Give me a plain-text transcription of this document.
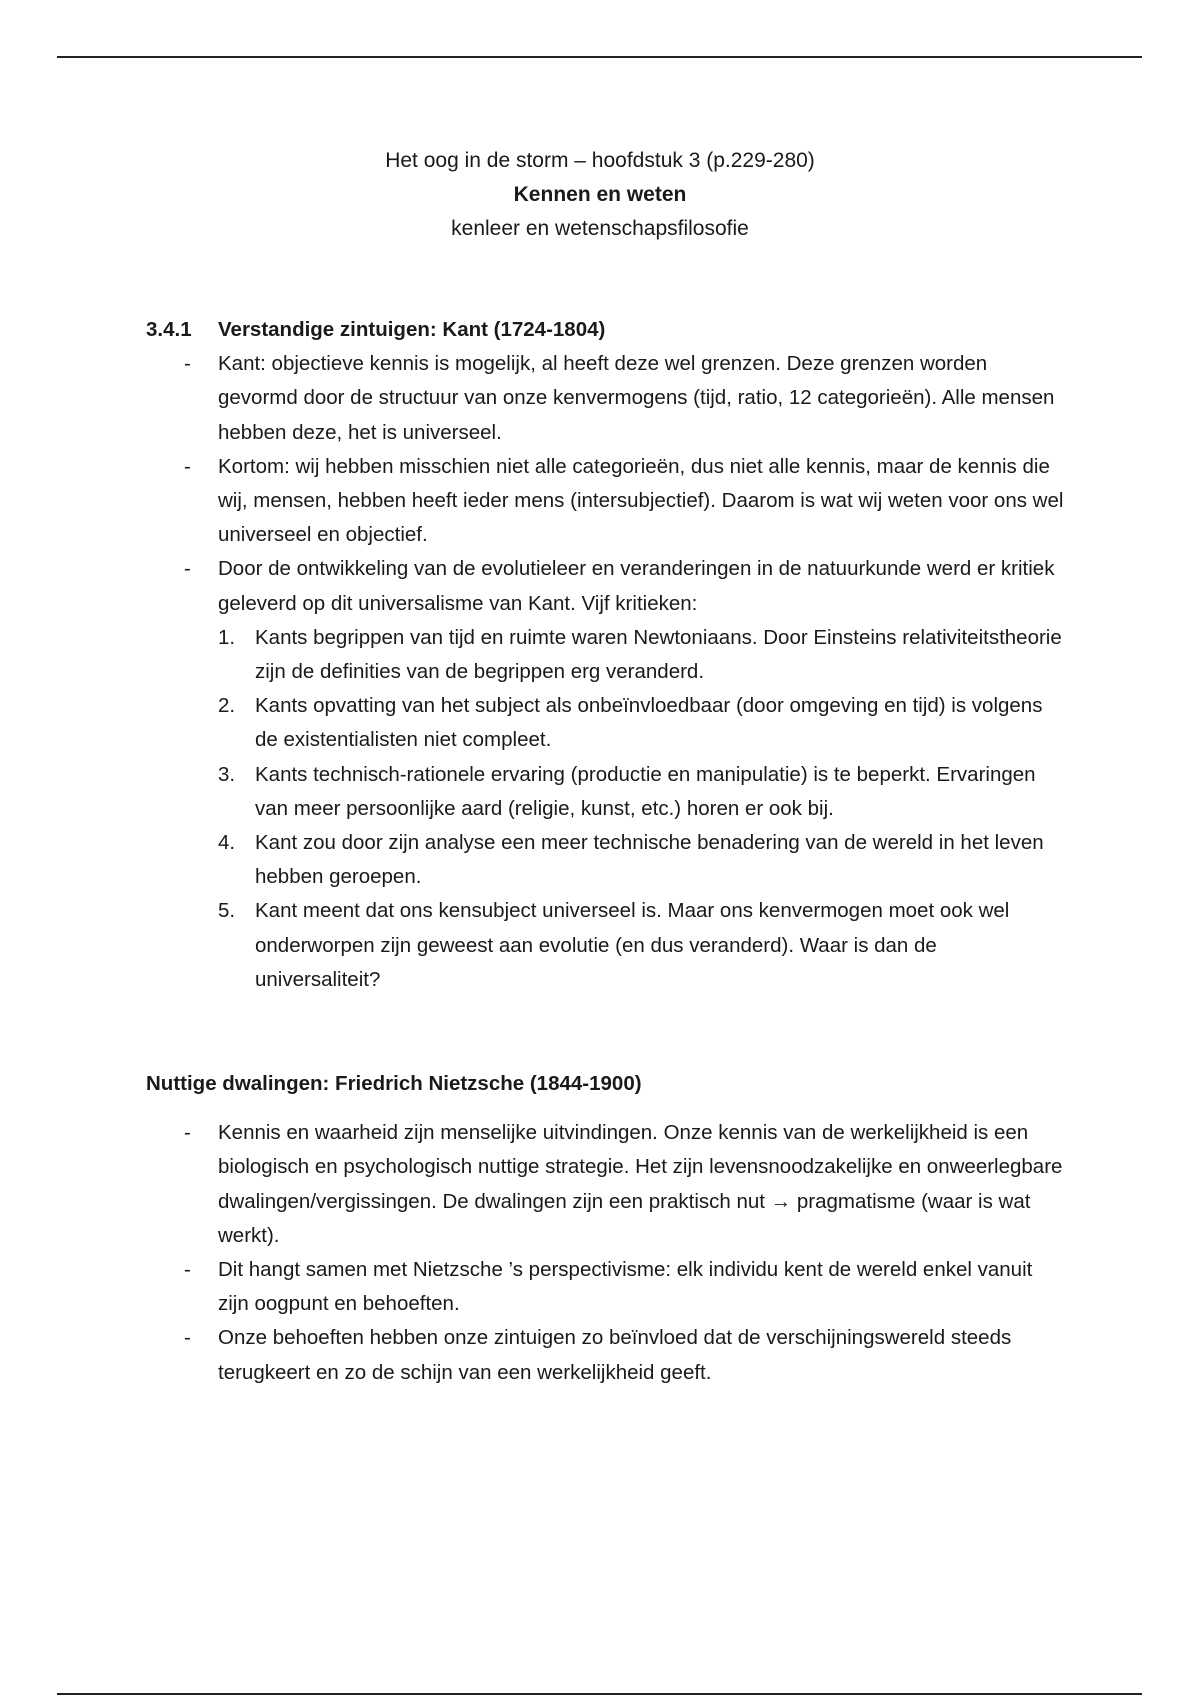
Het oog in de storm – hoofdstuk 3 (p.229-280)
Kennen en weten
kenleer en wetenschapsfilosofie
3.4.1	Verstandige zintuigen: Kant (1724-1804)
- Kant: objectieve kennis is mogelijk, al heeft deze wel grenzen. Deze grenzen worden gevormd door de structuur van onze kenvermogens (tijd, ratio, 12 categorieën). Alle mensen hebben deze, het is universeel.
- Kortom: wij hebben misschien niet alle categorieën, dus niet alle kennis, maar de kennis die wij, mensen, hebben heeft ieder mens (intersubjectief). Daarom is wat wij weten voor ons wel universeel en objectief.
- Door de ontwikkeling van de evolutieleer en veranderingen in de natuurkunde werd er kritiek geleverd op dit universalisme van Kant. Vijf kritieken:
1. Kants begrippen van tijd en ruimte waren Newtoniaans. Door Einsteins relativiteitstheorie zijn de definities van de begrippen erg veranderd.
2. Kants opvatting van het subject als onbeïnvloedbaar (door omgeving en tijd) is volgens de existentialisten niet compleet.
3. Kants technisch-rationele ervaring (productie en manipulatie) is te beperkt. Ervaringen van meer persoonlijke aard (religie, kunst, etc.) horen er ook bij.
4. Kant zou door zijn analyse een meer technische benadering van de wereld in het leven hebben geroepen.
5. Kant meent dat ons kensubject universeel is. Maar ons kenvermogen moet ook wel onderworpen zijn geweest aan evolutie (en dus veranderd). Waar is dan de universaliteit?
Nuttige dwalingen: Friedrich Nietzsche (1844-1900)
- Kennis en waarheid zijn menselijke uitvindingen. Onze kennis van de werkelijkheid is een biologisch en psychologisch nuttige strategie. Het zijn levensnoodzakelijke en onweerlegbare dwalingen/vergissingen. De dwalingen zijn een praktisch nut → pragmatisme (waar is wat werkt).
- Dit hangt samen met Nietzsche ’s perspectivisme: elk individu kent de wereld enkel vanuit zijn oogpunt en behoeften.
- Onze behoeften hebben onze zintuigen zo beïnvloed dat de verschijningswereld steeds terugkeert en zo de schijn van een werkelijkheid geeft.
